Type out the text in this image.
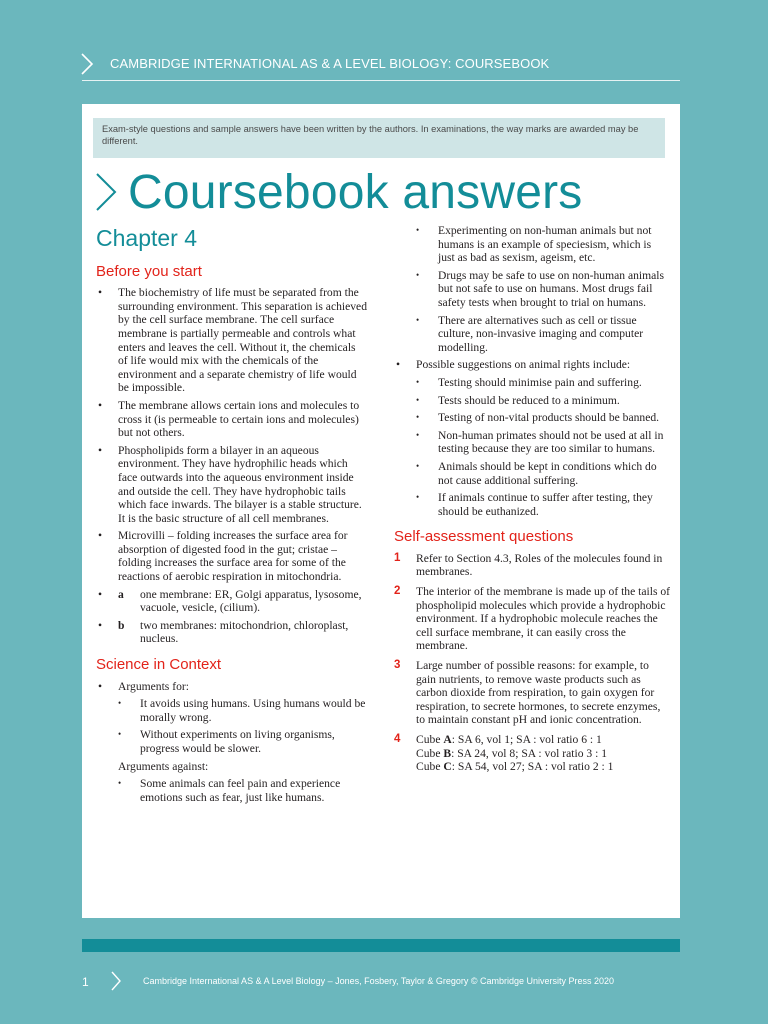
CAMBRIDGE INTERNATIONAL AS & A LEVEL BIOLOGY: COURSEBOOK
Exam-style questions and sample answers have been written by the authors. In examinations, the way marks are awarded may be different.
Coursebook answers
Chapter 4
Before you start
• The biochemistry of life must be separated from the surrounding environment. This separation is achieved by the cell surface membrane. The cell surface membrane is partially permeable and controls what enters and leaves the cell. Without it, the chemicals of life would mix with the chemicals of the environment and a separate chemistry of life would be impossible.
• The membrane allows certain ions and molecules to cross it (is permeable to certain ions and molecules) but not others.
• Phospholipids form a bilayer in an aqueous environment. They have hydrophilic heads which face outwards into the aqueous environment inside and outside the cell. They have hydrophobic tails which face inwards. The bilayer is a stable structure. It is the basic structure of all cell membranes.
• Microvilli – folding increases the surface area for absorption of digested food in the gut; cristae – folding increases the surface area for some of the reactions of aerobic respiration in mitochondria.
• a one membrane: ER, Golgi apparatus, lysosome, vacuole, vesicle, (cilium).
• b two membranes: mitochondrion, chloroplast, nucleus.
Science in Context
• Arguments for:
• It avoids using humans. Using humans would be morally wrong.
• Without experiments on living organisms, progress would be slower.
Arguments against:
• Some animals can feel pain and experience emotions such as fear, just like humans.
• Experimenting on non-human animals but not humans is an example of speciesism, which is just as bad as sexism, ageism, etc.
• Drugs may be safe to use on non-human animals but not safe to use on humans. Most drugs fail safety tests when brought to trial on humans.
• There are alternatives such as cell or tissue culture, non-invasive imaging and computer modelling.
• Possible suggestions on animal rights include:
• Testing should minimise pain and suffering.
• Tests should be reduced to a minimum.
• Testing of non-vital products should be banned.
• Non-human primates should not be used at all in testing because they are too similar to humans.
• Animals should be kept in conditions which do not cause additional suffering.
• If animals continue to suffer after testing, they should be euthanized.
Self-assessment questions
1 Refer to Section 4.3, Roles of the molecules found in membranes.
2 The interior of the membrane is made up of the tails of phospholipid molecules which provide a hydrophobic environment. If a hydrophobic molecule reaches the cell surface membrane, it can easily cross the membrane.
3 Large number of possible reasons: for example, to gain nutrients, to remove waste products such as carbon dioxide from respiration, to gain oxygen for respiration, to secrete hormones, to secrete enzymes, to maintain constant pH and ionic concentration.
4 Cube A: SA 6, vol 1; SA : vol ratio 6 : 1
Cube B: SA 24, vol 8; SA : vol ratio 3 : 1
Cube C: SA 54, vol 27; SA : vol ratio 2 : 1
1	Cambridge International AS & A Level Biology – Jones, Fosbery, Taylor & Gregory © Cambridge University Press 2020
